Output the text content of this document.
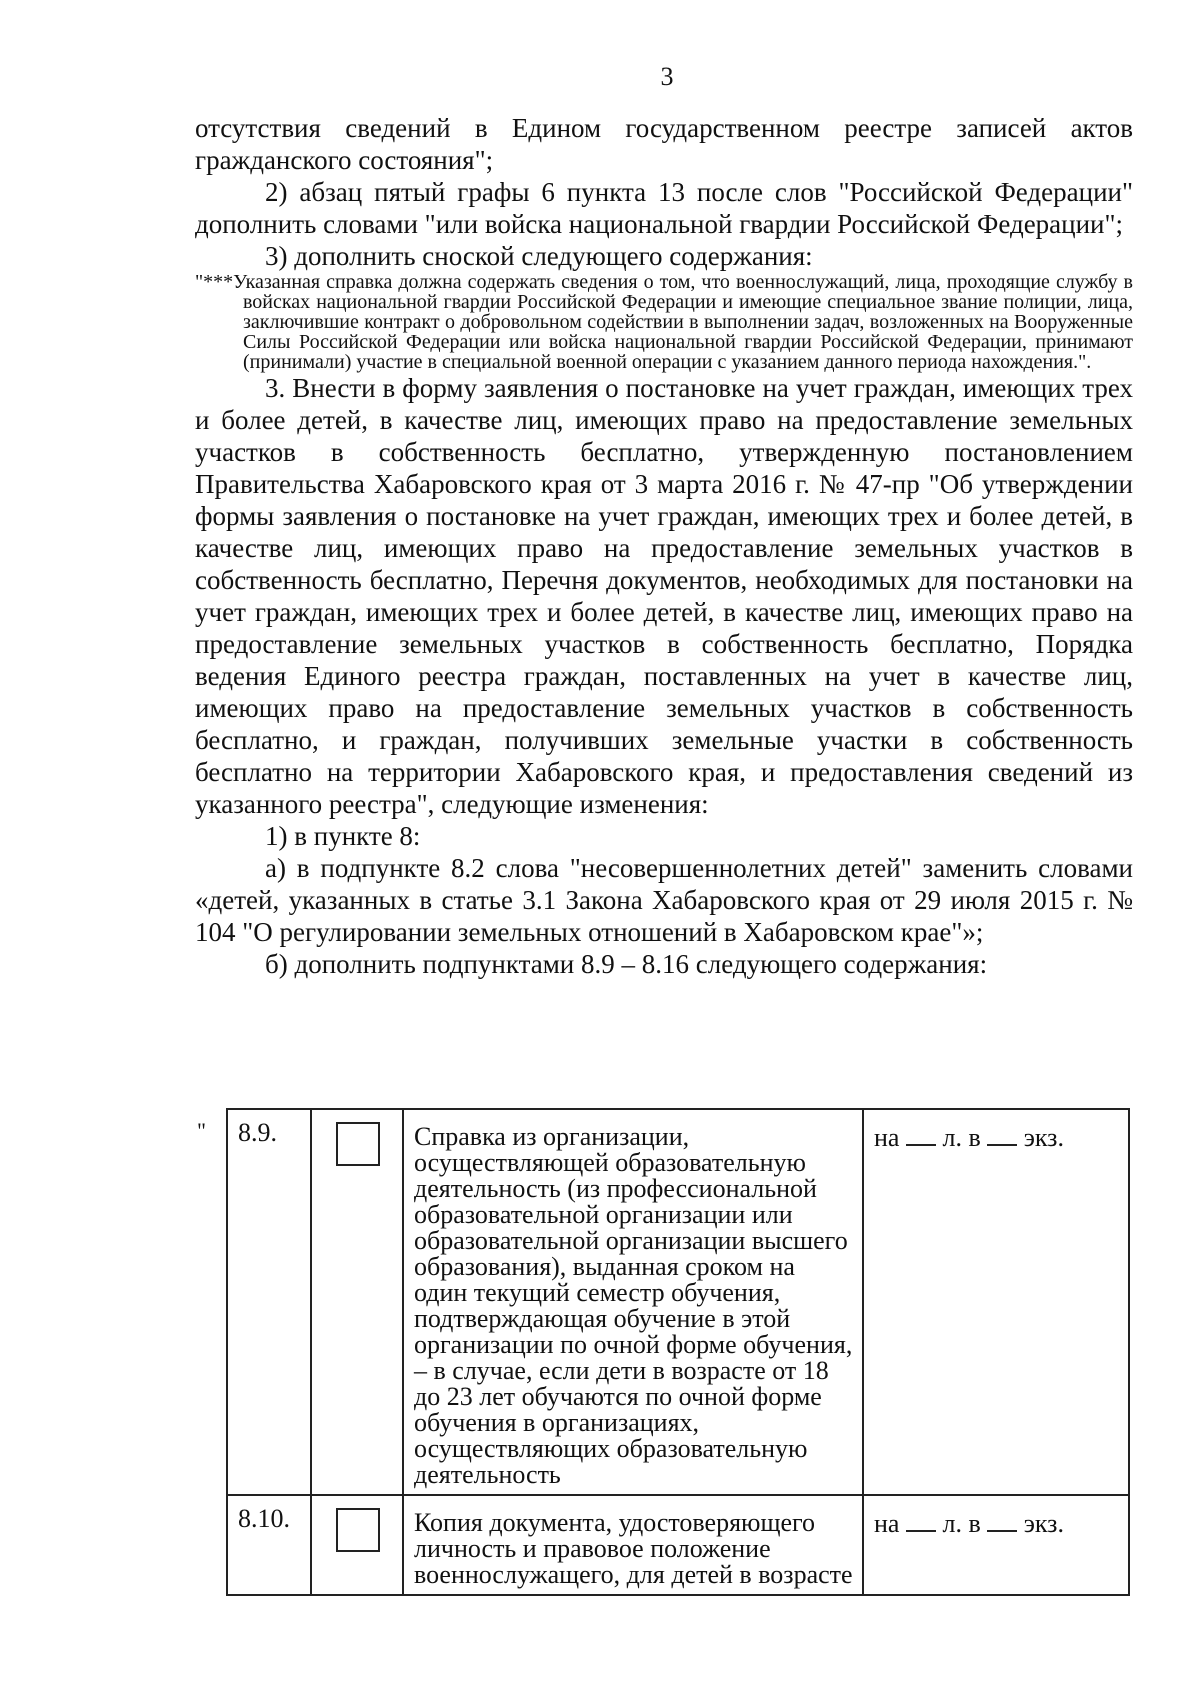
3

отсутствия сведений в Едином государственном реестре записей актов гражданского состояния";

2) абзац пятый графы 6 пункта 13 после слов "Российской Федерации" дополнить словами "или войска национальной гвардии Российской Федерации";

3) дополнить сноской следующего содержания:

"***Указанная справка должна содержать сведения о том, что военнослужащий, лица, проходящие службу в войсках национальной гвардии Российской Федерации и имеющие специальное звание полиции, лица, заключившие контракт о добровольном содействии в выполнении задач, возложенных на Вооруженные Силы Российской Федерации или войска национальной гвардии Российской Федерации, принимают (принимали) участие в специальной военной операции с указанием данного периода нахождения.".

3. Внести в форму заявления о постановке на учет граждан, имеющих трех и более детей, в качестве лиц, имеющих право на предоставление земельных участков в собственность бесплатно, утвержденную постановлением Правительства Хабаровского края от 3 марта 2016 г. № 47-пр "Об утверждении формы заявления о постановке на учет граждан, имеющих трех и более детей, в качестве лиц, имеющих право на предоставление земельных участков в собственность бесплатно, Перечня документов, необходимых для постановки на учет граждан, имеющих трех и более детей, в качестве лиц, имеющих право на предоставление земельных участков в собственность бесплатно, Порядка ведения Единого реестра граждан, поставленных на учет в качестве лиц, имеющих право на предоставление земельных участков в собственность бесплатно, и граждан, получивших земельные участки в собственность бесплатно на территории Хабаровского края, и предоставления сведений из указанного реестра", следующие изменения:

1) в пункте 8:

а) в подпункте 8.2 слова "несовершеннолетних детей" заменить словами «детей, указанных в статье 3.1 Закона Хабаровского края от 29 июля 2015 г. № 104 "О регулировании земельных отношений в Хабаровском крае"»;

б) дополнить подпунктами 8.9 – 8.16 следующего содержания:

" 8.9.		Справка из организации, осуществляющей образовательную деятельность (из профессиональной образовательной организации или образовательной организации высшего образования), выданная сроком на один текущий семестр обучения, подтверждающая обучение в этой организации по очной форме обучения, – в случае, если дети в возрасте от 18 до 23 лет обучаются по очной форме обучения в организациях, осуществляющих образовательную деятельность	на л. в экз.
8.10.		Копия документа, удостоверяющего личность и правовое положение военнослужащего, для детей в возрасте	на л. в экз.
